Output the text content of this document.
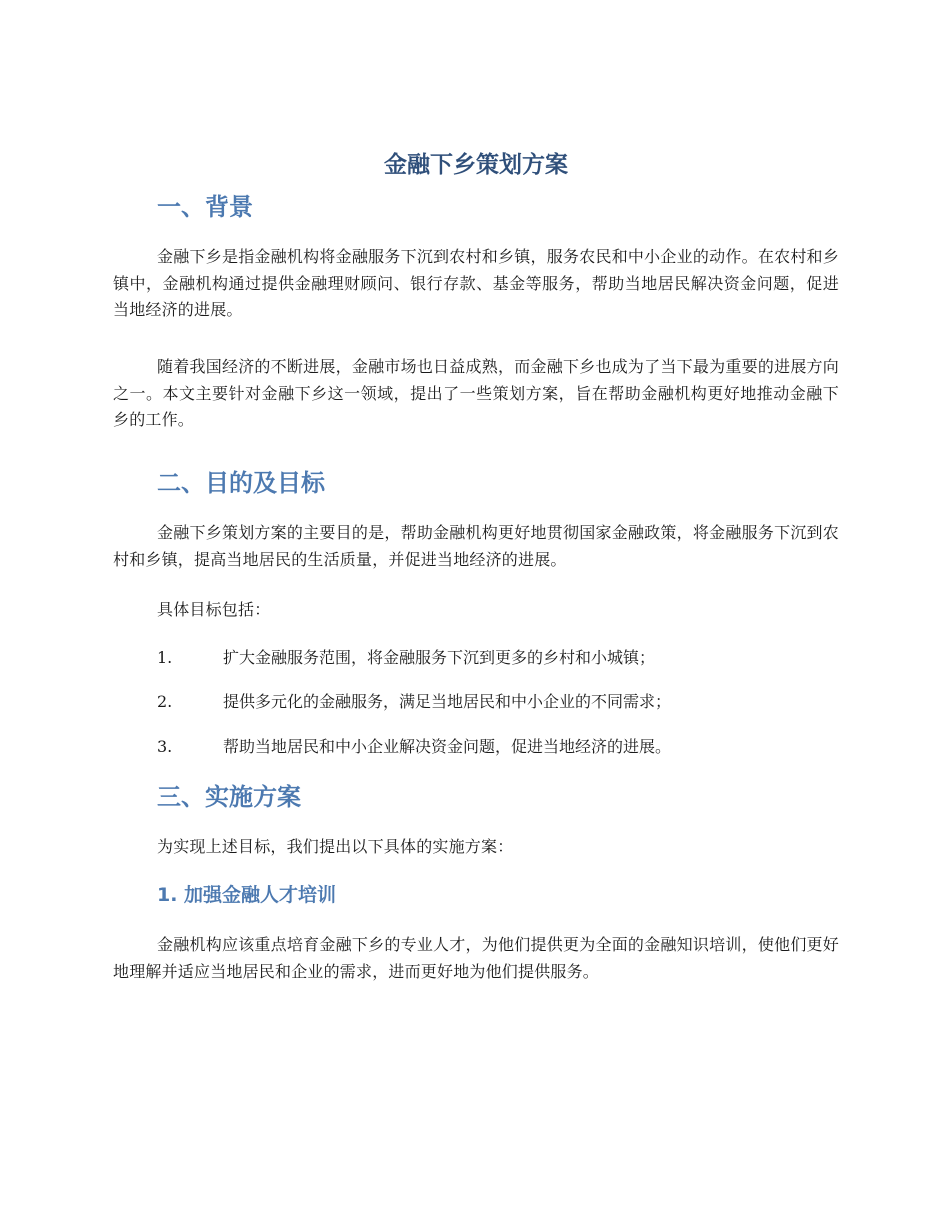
金融下乡策划方案
一、背景

金融下乡是指金融机构将金融服务下沉到农村和乡镇，服务农民和中小企业的动作。在农村和乡镇中，金融机构通过提供金融理财顾问、银行存款、基金等服务，帮助当地居民解决资金问题，促进当地经济的进展。

随着我国经济的不断进展，金融市场也日益成熟，而金融下乡也成为了当下最为重要的进展方向之一。本文主要针对金融下乡这一领域，提出了一些策划方案，旨在帮助金融机构更好地推动金融下乡的工作。

二、目的及目标

金融下乡策划方案的主要目的是，帮助金融机构更好地贯彻国家金融政策，将金融服务下沉到农村和乡镇，提高当地居民的生活质量，并促进当地经济的进展。

具体目标包括：

1.	扩大金融服务范围，将金融服务下沉到更多的乡村和小城镇；

2.	提供多元化的金融服务，满足当地居民和中小企业的不同需求；

3.	帮助当地居民和中小企业解决资金问题，促进当地经济的进展。

三、实施方案

为实现上述目标，我们提出以下具体的实施方案：

1. 加强金融人才培训

金融机构应该重点培育金融下乡的专业人才，为他们提供更为全面的金融知识培训，使他们更好地理解并适应当地居民和企业的需求，进而更好地为他们提供服务。
